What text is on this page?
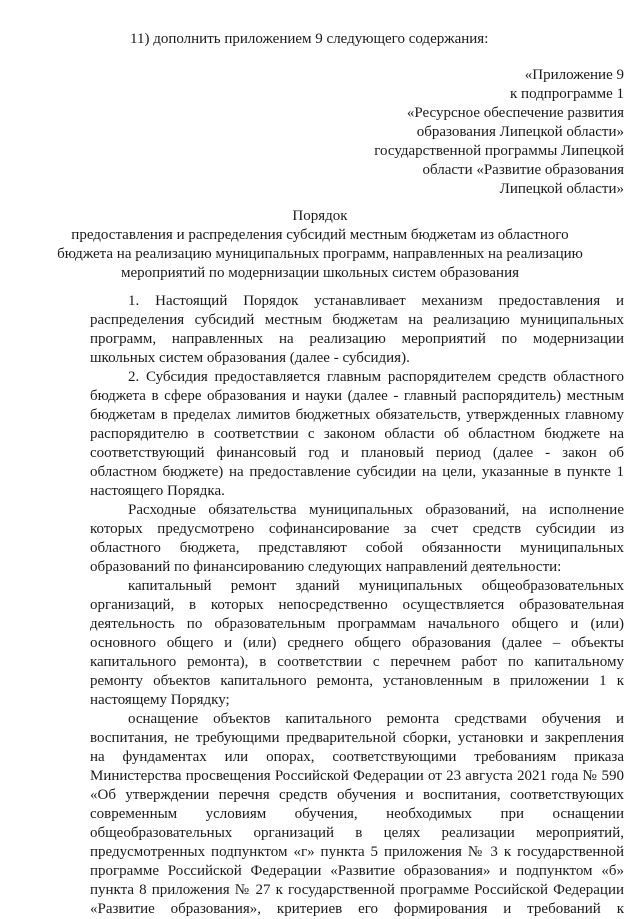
11) дополнить приложением 9 следующего содержания:
«Приложение 9
к подпрограмме 1
«Ресурсное обеспечение развития
образования Липецкой области»
государственной программы Липецкой
области «Развитие образования
Липецкой области»
Порядок
предоставления и распределения субсидий местным бюджетам из областного
бюджета на реализацию муниципальных программ, направленных на реализацию
мероприятий по модернизации школьных систем образования

1. Настоящий Порядок устанавливает механизм предоставления и

распределения субсидий местным бюджетам на реализацию муниципальных

программ, направленных на реализацию мероприятий по модернизации

школьных систем образования (далее - субсидия).

2. Субсидия предоставляется главным распорядителем средств областного

бюджета в сфере образования и науки (далее - главный распорядитель) местным

бюджетам в пределах лимитов бюджетных обязательств, утвержденных главному

распорядителю в соответствии с законом области об областном бюджете на

соответствующий финансовый год и плановый период (далее - закон об

областном бюджете) на предоставление субсидии на цели, указанные в пункте 1

настоящего Порядка.

Расходные обязательства муниципальных образований, на исполнение

которых предусмотрено софинансирование за счет средств субсидии из

областного бюджета, представляют собой обязанности муниципальных

образований по финансированию следующих направлений деятельности:

капитальный ремонт зданий муниципальных общеобразовательных

организаций, в которых непосредственно осуществляется образовательная

деятельность по образовательным программам начального общего и (или)

основного общего и (или) среднего общего образования (далее – объекты

капитального ремонта), в соответствии с перечнем работ по капитальному

ремонту объектов капитального ремонта, установленным в приложении 1 к

настоящему Порядку;

оснащение объектов капитального ремонта средствами обучения и

воспитания, не требующими предварительной сборки, установки и закрепления

на фундаментах или опорах, соответствующими требованиям приказа

Министерства просвещения Российской Федерации от 23 августа 2021 года № 590

«Об утверждении перечня средств обучения и воспитания, соответствующих

современным условиям обучения, необходимых при оснащении

общеобразовательных организаций в целях реализации мероприятий,

предусмотренных подпунктом «г» пункта 5 приложения № 3 к государственной

программе Российской Федерации «Развитие образования» и подпунктом «б»

пункта 8 приложения № 27 к государственной программе Российской Федерации

«Развитие образования», критериев его формирования и требований к
